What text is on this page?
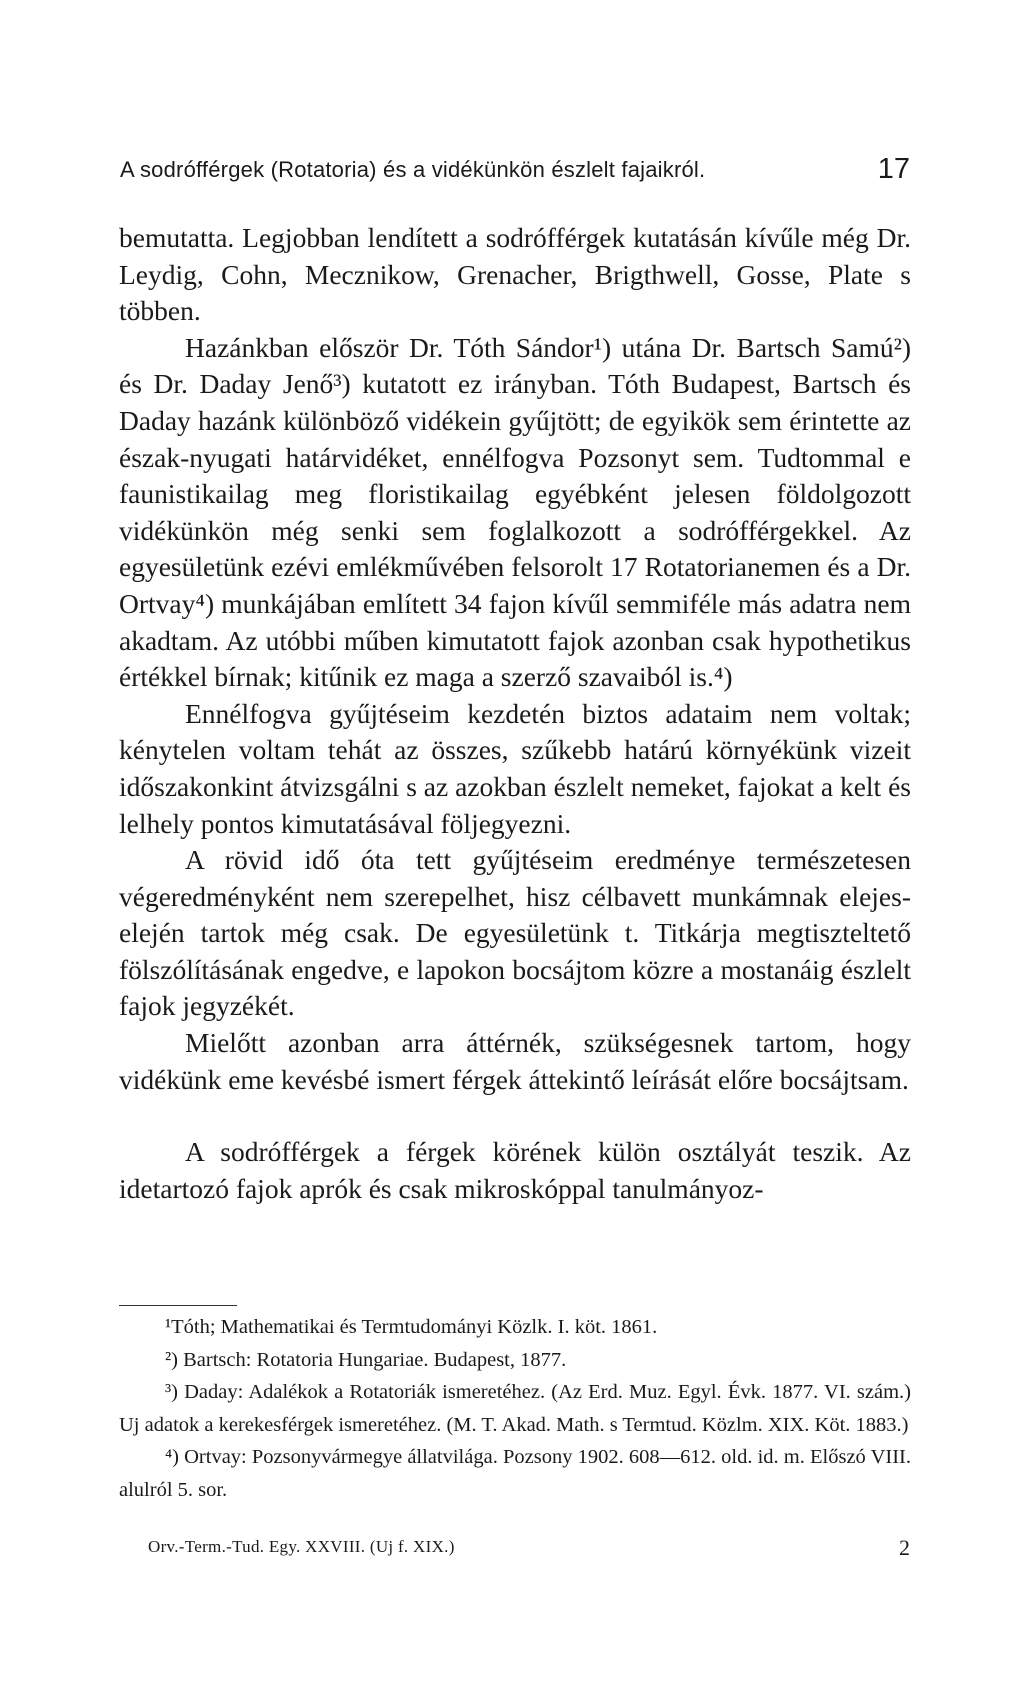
A sodrófférgek (Rotatoria) és a vidékünkön észlelt fajaikról.	17

bemutatta. Legjobban lendített a sodrófférgek kutatásán kívűle még Dr. Leydig, Cohn, Mecznikow, Grenacher, Brigthwell, Gosse, Plate s többen.

Hazánkban először Dr. Tóth Sándor¹) utána Dr. Bartsch Samú²) és Dr. Daday Jenő³) kutatott ez irányban. Tóth Budapest, Bartsch és Daday hazánk különböző vidékein gyűjtött; de egyikök sem érintette az észak-nyugati határvidéket, ennélfogva Pozsonyt sem. Tudtommal e faunistikailag meg floristikailag egyébként jelesen földolgozott vidékünkön még senki sem foglalkozott a sodrófférgekkel. Az egyesületünk ezévi emlékművében felsorolt 17 Rotatorianemen és a Dr. Ortvay⁴) munkájában említett 34 fajon kívűl semmiféle más adatra nem akadtam. Az utóbbi műben kimutatott fajok azonban csak hypothetikus értékkel bírnak; kitűnik ez maga a szerző szavaiból is.⁴)

Ennélfogva gyűjtéseim kezdetén biztos adataim nem voltak; kénytelen voltam tehát az összes, szűkebb határú környékünk vizeit időszakonkint átvizsgálni s az azokban észlelt nemeket, fajokat a kelt és lelhely pontos kimutatásával följegyezni.

A rövid idő óta tett gyűjtéseim eredménye természetesen végeredményként nem szerepelhet, hisz célbavett munkámnak elejes-elején tartok még csak. De egyesületünk t. Titkárja megtiszteltető fölszólításának engedve, e lapokon bocsájtom közre a mostanáig észlelt fajok jegyzékét.

Mielőtt azonban arra áttérnék, szükségesnek tartom, hogy vidékünk eme kevésbé ismert férgek áttekintő leírását előre bocsájtsam.

A sodrófférgek a férgek körének külön osztályát teszik. Az idetartozó fajok aprók és csak mikroskóppal tanulmányoz-

¹Tóth; Mathematikai és Termtudományi Közlk. I. köt. 1861.

²) Bartsch: Rotatoria Hungariae. Budapest, 1877.

³) Daday: Adalékok a Rotatoriák ismeretéhez. (Az Erd. Muz. Egyl. Évk. 1877. VI. szám.) Uj adatok a kerekesférgek ismeretéhez. (M. T. Akad. Math. s Termtud. Közlm. XIX. Köt. 1883.)

⁴) Ortvay: Pozsonyvármegye állatvilága. Pozsony 1902. 608—612. old. id. m. Előszó VIII. alulról 5. sor.

Orv.-Term.-Tud. Egy. XXVIII. (Uj f. XIX.)	2
